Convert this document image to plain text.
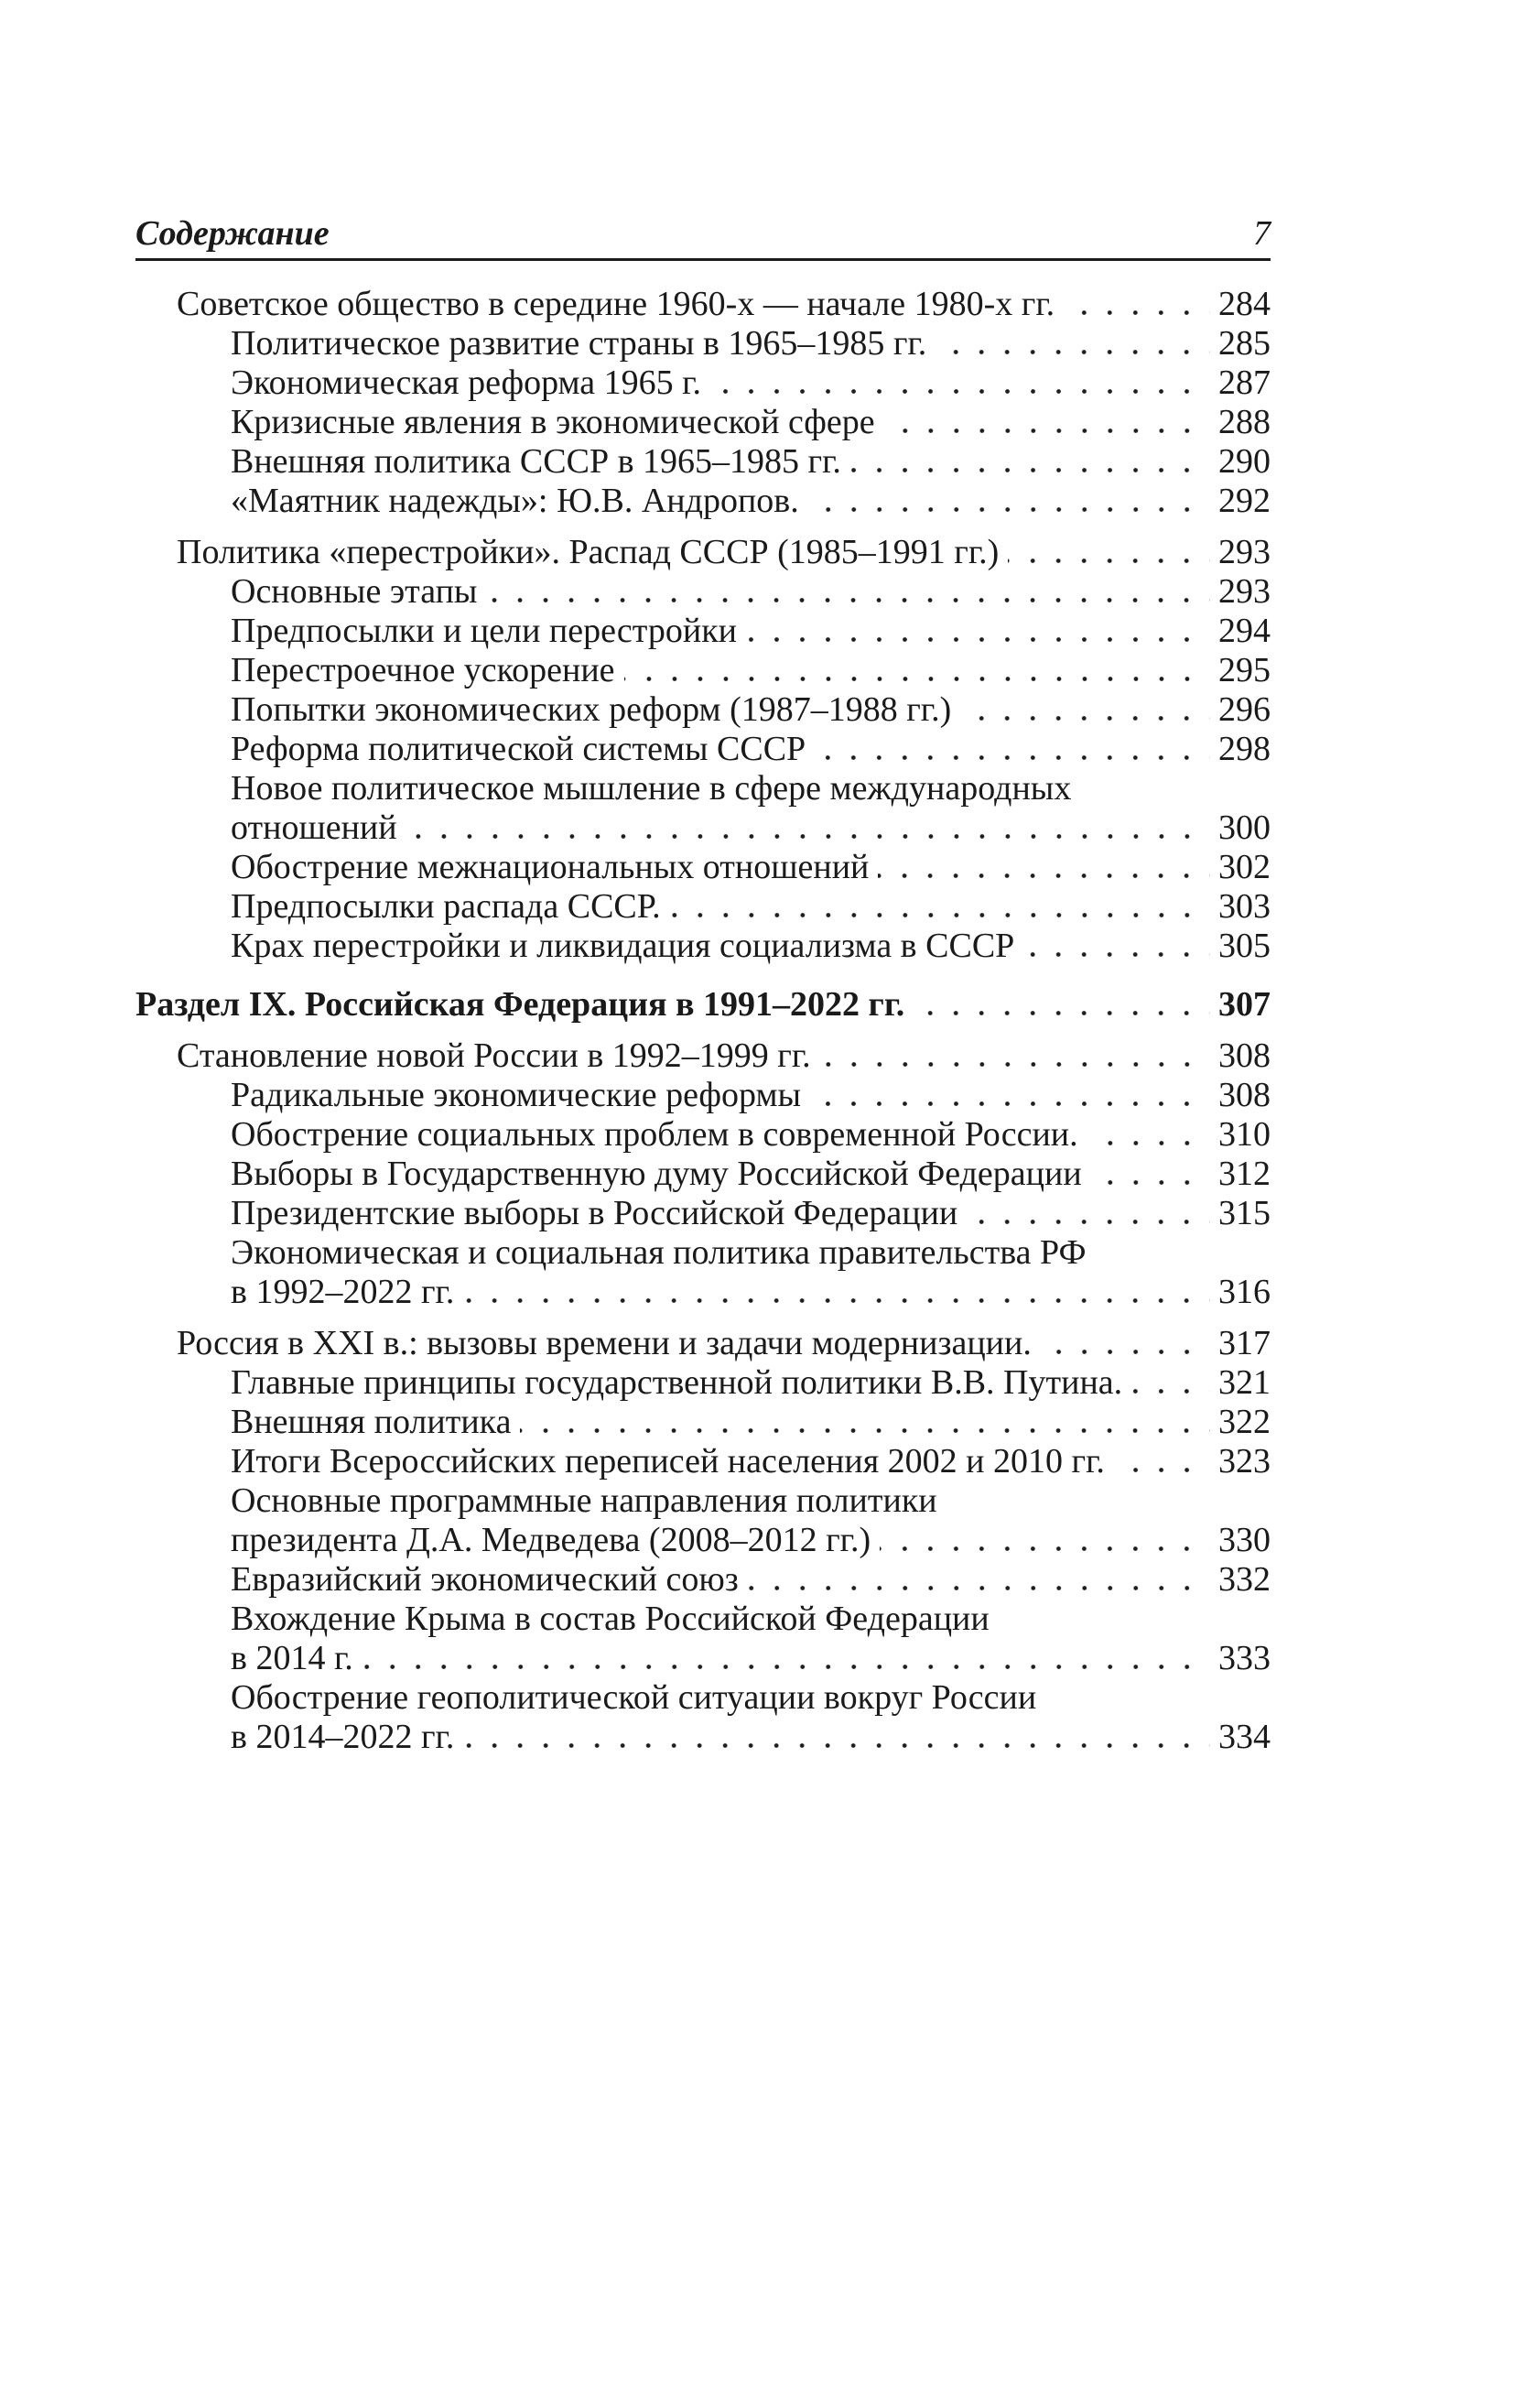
Содержание	7
Советское общество в середине 1960-х — начале 1980-х гг.	284
Политическое развитие страны в 1965–1985 гг.	285
Экономическая реформа 1965 г.	287
Кризисные явления в экономической сфере	288
Внешняя политика СССР в 1965–1985 гг.	290
«Маятник надежды»: Ю.В. Андропов.	292
Политика «перестройки». Распад СССР (1985–1991 гг.)	293
Основные этапы	293
Предпосылки и цели перестройки	294
Перестроечное ускорение	295
Попытки экономических реформ (1987–1988 гг.)	296
Реформа политической системы СССР	298
Новое политическое мышление в сфере международных
отношений	300
Обострение межнациональных отношений	302
Предпосылки распада СССР.	303
Крах перестройки и ликвидация социализма в СССР	305
Раздел IX. Российская Федерация в 1991–2022 гг.	307
Становление новой России в 1992–1999 гг.	308
Радикальные экономические реформы	308
Обострение социальных проблем в современной России.	310
Выборы в Государственную думу Российской Федерации	312
Президентские выборы в Российской Федерации	315
Экономическая и социальная политика правительства РФ
в 1992–2022 гг.	316
Россия в XXI в.: вызовы времени и задачи модернизации.	317
Главные принципы государственной политики В.В. Путина.	321
Внешняя политика	322
Итоги Всероссийских переписей населения 2002 и 2010 гг.	323
Основные программные направления политики
президента Д.А. Медведева (2008–2012 гг.)	330
Евразийский экономический союз	332
Вхождение Крыма в состав Российской Федерации
в 2014 г.	333
Обострение геополитической ситуации вокруг России
в 2014–2022 гг.	334
